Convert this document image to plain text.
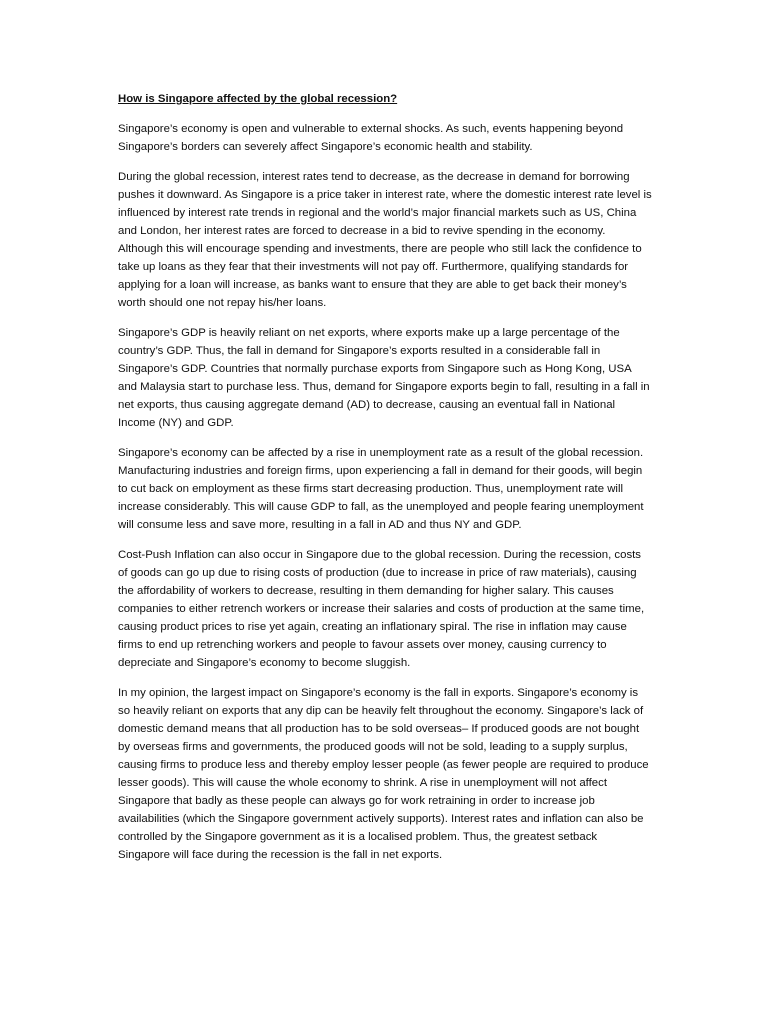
How is Singapore affected by the global recession?

Singapore’s economy is open and vulnerable to external shocks. As such, events happening beyond Singapore’s borders can severely affect Singapore’s economic health and stability.

During the global recession, interest rates tend to decrease, as the decrease in demand for borrowing pushes it downward. As Singapore is a price taker in interest rate, where the domestic interest rate level is influenced by interest rate trends in regional and the world’s major financial markets such as US, China and London, her interest rates are forced to decrease in a bid to revive spending in the economy. Although this will encourage spending and investments, there are people who still lack the confidence to take up loans as they fear that their investments will not pay off. Furthermore, qualifying standards for applying for a loan will increase, as banks want to ensure that they are able to get back their money’s worth should one not repay his/her loans.

Singapore’s GDP is heavily reliant on net exports, where exports make up a large percentage of the country’s GDP. Thus, the fall in demand for Singapore’s exports resulted in a considerable fall in Singapore’s GDP. Countries that normally purchase exports from Singapore such as Hong Kong, USA and Malaysia start to purchase less. Thus, demand for Singapore exports begin to fall, resulting in a fall in net exports, thus causing aggregate demand (AD) to decrease, causing an eventual fall in National Income (NY) and GDP.

Singapore’s economy can be affected by a rise in unemployment rate as a result of the global recession. Manufacturing industries and foreign firms, upon experiencing a fall in demand for their goods, will begin to cut back on employment as these firms start decreasing production. Thus, unemployment rate will increase considerably. This will cause GDP to fall, as the unemployed and people fearing unemployment will consume less and save more, resulting in a fall in AD and thus NY and GDP.

Cost-Push Inflation can also occur in Singapore due to the global recession. During the recession, costs of goods can go up due to rising costs of production (due to increase in price of raw materials), causing the affordability of workers to decrease, resulting in them demanding for higher salary. This causes companies to either retrench workers or increase their salaries and costs of production at the same time, causing product prices to rise yet again, creating an inflationary spiral. The rise in inflation may cause firms to end up retrenching workers and people to favour assets over money, causing currency to depreciate and Singapore’s economy to become sluggish.

In my opinion, the largest impact on Singapore’s economy is the fall in exports. Singapore’s economy is so heavily reliant on exports that any dip can be heavily felt throughout the economy. Singapore’s lack of domestic demand means that all production has to be sold overseas– If produced goods are not bought by overseas firms and governments, the produced goods will not be sold, leading to a supply surplus, causing firms to produce less and thereby employ lesser people (as fewer people are required to produce lesser goods). This will cause the whole economy to shrink. A rise in unemployment will not affect Singapore that badly as these people can always go for work retraining in order to increase job availabilities (which the Singapore government actively supports). Interest rates and inflation can also be controlled by the Singapore government as it is a localised problem. Thus, the greatest setback Singapore will face during the recession is the fall in net exports.
